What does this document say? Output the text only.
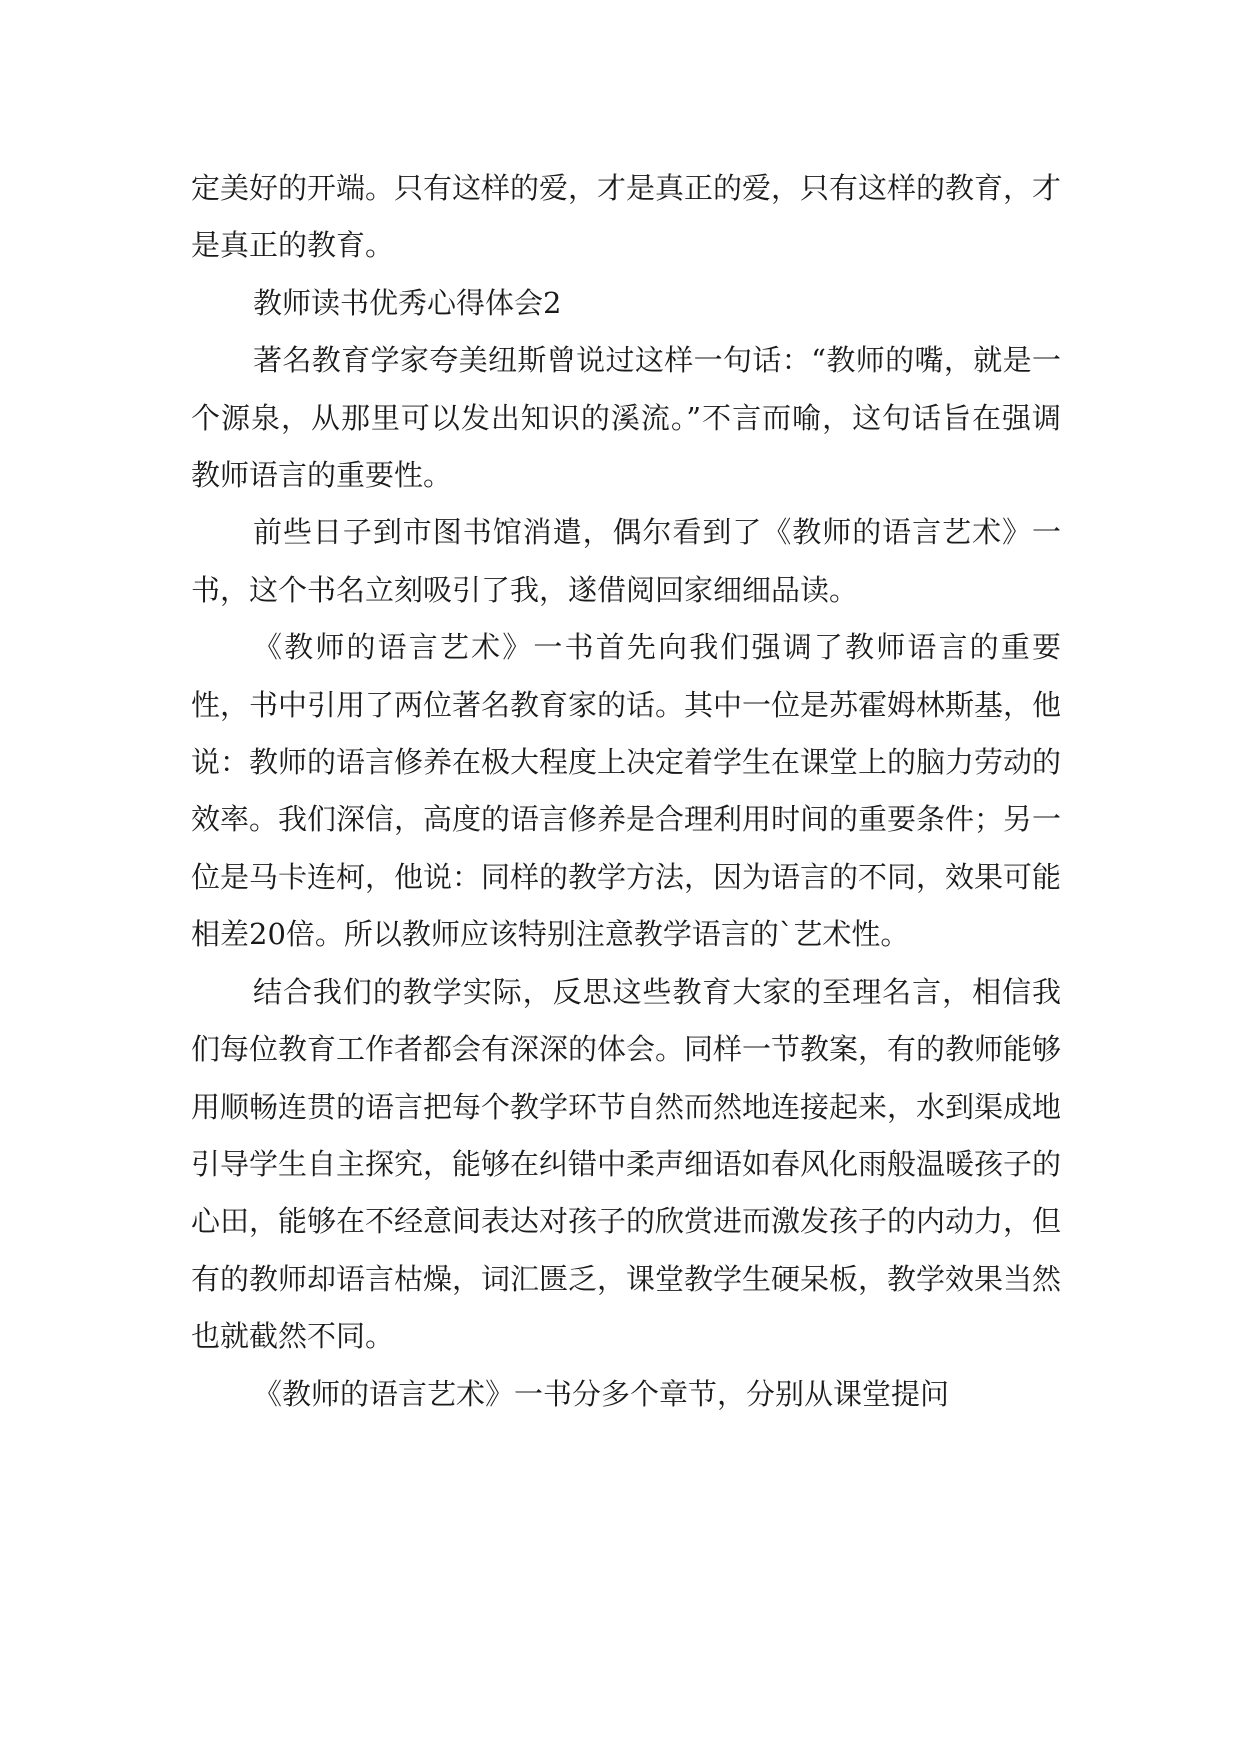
定美好的开端。只有这样的爱，才是真正的爱，只有这样的教育，才是真正的教育。

教师读书优秀心得体会2

著名教育学家夸美纽斯曾说过这样一句话：“教师的嘴，就是一个源泉，从那里可以发出知识的溪流。”不言而喻，这句话旨在强调教师语言的重要性。

前些日子到市图书馆消遣，偶尔看到了《教师的语言艺术》一书，这个书名立刻吸引了我，遂借阅回家细细品读。

《教师的语言艺术》一书首先向我们强调了教师语言的重要性，书中引用了两位著名教育家的话。其中一位是苏霍姆林斯基，他说：教师的语言修养在极大程度上决定着学生在课堂上的脑力劳动的效率。我们深信，高度的语言修养是合理利用时间的重要条件；另一位是马卡连柯，他说：同样的教学方法，因为语言的不同，效果可能相差20倍。所以教师应该特别注意教学语言的`艺术性。

结合我们的教学实际，反思这些教育大家的至理名言，相信我们每位教育工作者都会有深深的体会。同样一节教案，有的教师能够用顺畅连贯的语言把每个教学环节自然而然地连接起来，水到渠成地引导学生自主探究，能够在纠错中柔声细语如春风化雨般温暖孩子的心田，能够在不经意间表达对孩子的欣赏进而激发孩子的内动力，但有的教师却语言枯燥，词汇匮乏，课堂教学生硬呆板，教学效果当然也就截然不同。

《教师的语言艺术》一书分多个章节，分别从课堂提问
